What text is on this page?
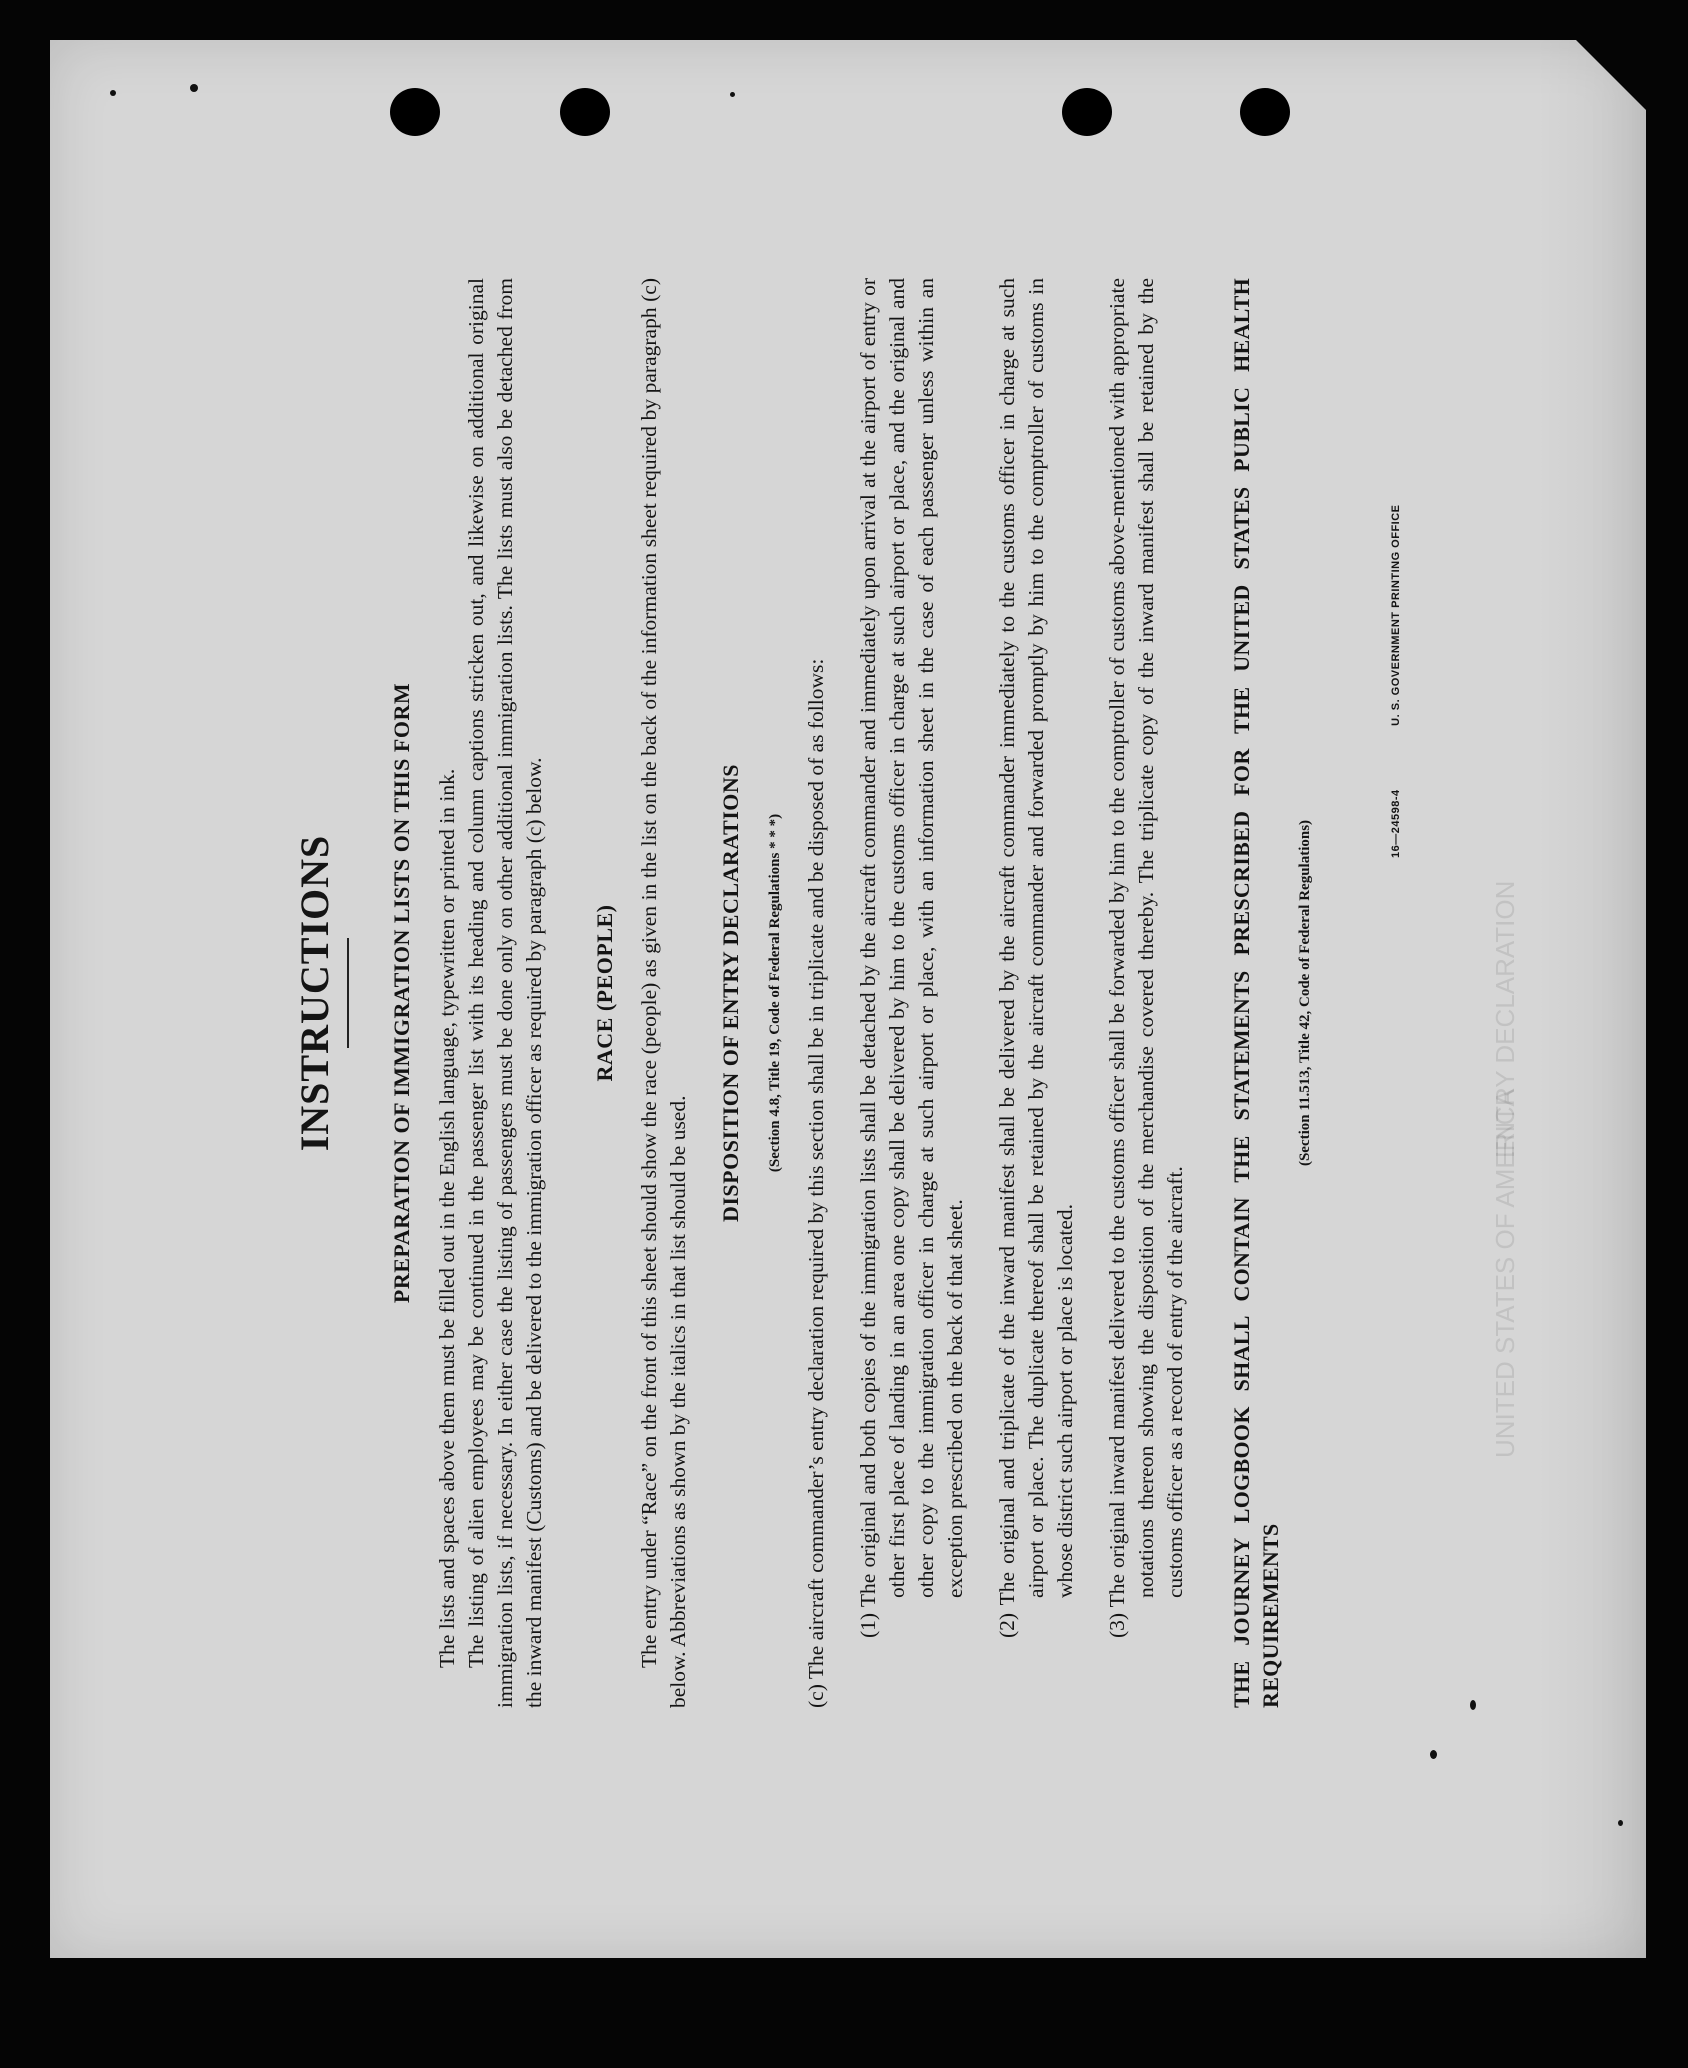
UNITED STATES OF AMERICA
ENTRY DECLARATION
INSTRUCTIONS PREPARATION OF IMMIGRATION LISTS ON THIS FORM The lists and spaces above them must be filled out in the English language, typewritten or printed in ink. The listing of alien employees may be continued in the passenger list with its heading and column captions stricken out, and likewise on additional original immigration lists, if necessary. In either case the listing of passengers must be done only on other additional immigration lists. The lists must also be detached from the inward manifest (Customs) and be delivered to the immigration officer as required by paragraph (c) below. RACE (PEOPLE) The entry under “Race” on the front of this sheet should show the race (people) as given in the list on the back of the information sheet required by paragraph (c) below. Abbreviations as shown by the italics in that list should be used.

DISPOSITION OF ENTRY DECLARATIONS	(Section 4.8, Title 19, Code of Federal Regulations * * *) (c) The aircraft commander’s entry declaration required by this section shall be in triplicate and be disposed of as follows: (1) The original and both copies of the immigration lists shall be detached by the aircraft commander and immediately upon arrival at the airport of entry or other first place of landing in an area one copy shall be delivered by him to the customs officer in charge at such airport or place, and the original and other copy to the immigration officer in charge at such airport or place, with an information sheet in the case of each passenger unless within an exception prescribed on the back of that sheet. (2) The original and triplicate of the inward manifest shall be delivered by the aircraft commander immediately to the customs officer in charge at such airport or place. The duplicate thereof shall be retained by the aircraft commander and forwarded promptly by him to the comptroller of customs in whose district such airport or place is located. (3) The original inward manifest delivered to the customs officer shall be forwarded by him to the comptroller of customs above-mentioned with appropriate notations thereon showing the disposition of the merchandise covered thereby. The triplicate copy of the inward manifest shall be retained by the customs officer as a record of entry of the aircraft. THE JOURNEY LOGBOOK SHALL CONTAIN THE STATEMENTS PRESCRIBED FOR THE UNITED STATES PUBLIC HEALTH REQUIREMENTS
(Section 11.513, Title 42, Code of Federal Regulations)	16—24598-4 U. S. GOVERNMENT PRINTING OFFICE
